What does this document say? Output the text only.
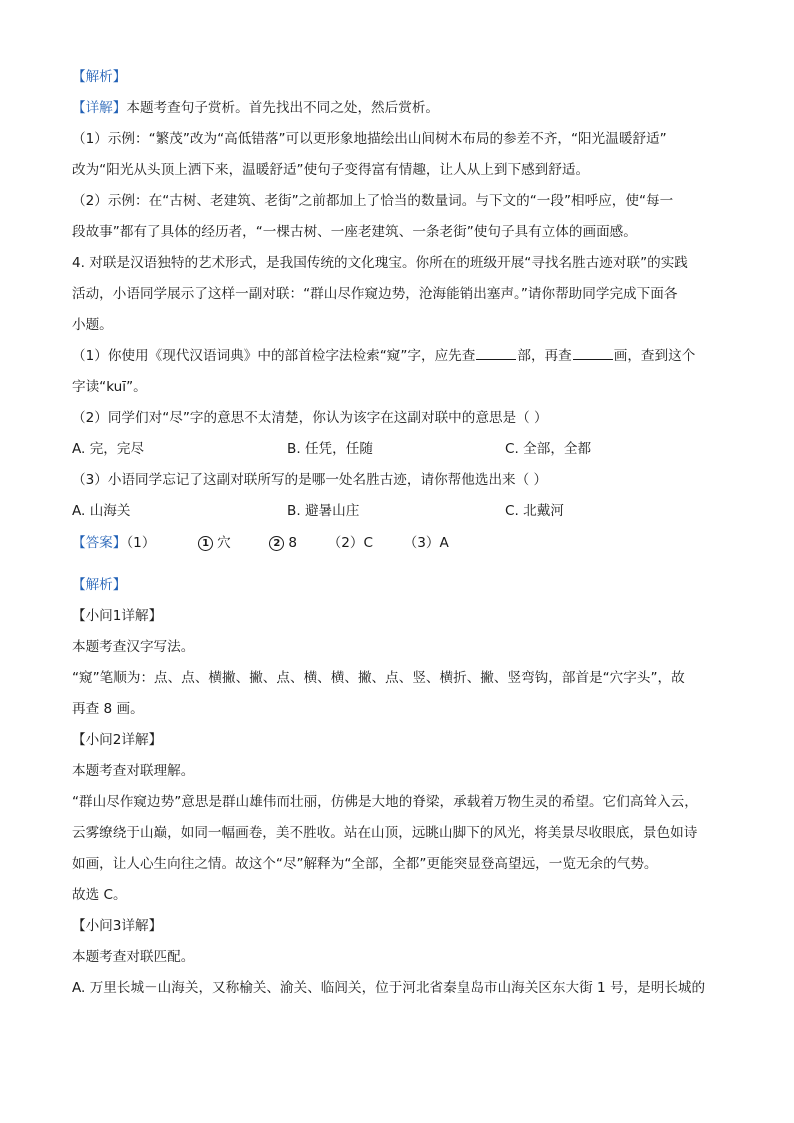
【解析】
【详解】本题考查句子赏析。首先找出不同之处，然后赏析。
（1）示例：“繁茂”改为“高低错落”可以更形象地描绘出山间树木布局的参差不齐，“阳光温暖舒适”
改为“阳光从头顶上洒下来，温暖舒适”使句子变得富有情趣，让人从上到下感到舒适。
（2）示例：在“古树、老建筑、老街”之前都加上了恰当的数量词。与下文的“一段”相呼应，使“每一
段故事”都有了具体的经历者，“一棵古树、一座老建筑、一条老街”使句子具有立体的画面感。
4. 对联是汉语独特的艺术形式，是我国传统的文化瑰宝。你所在的班级开展“寻找名胜古迹对联”的实践
活动，小语同学展示了这样一副对联：“群山尽作窥边势，沧海能销出塞声。”请你帮助同学完成下面各
小题。
（1）你使用《现代汉语词典》中的部首检字法检索“窥”字，应先查	部，再查	画，查到这个
字读“kuī”。
（2）同学们对“尽”字的意思不太清楚，你认为该字在这副对联中的意思是（ ）
A. 完，完尽	B. 任凭，任随	C. 全部，全都
（3）小语同学忘记了这副对联所写的是哪一处名胜古迹，请你帮他选出来（ ）
A. 山海关	B. 避暑山庄	C. 北戴河
【答案】（1）	1 穴	2 8 （2）C （3）A
【解析】
【小问1详解】
本题考查汉字写法。
“窥”笔顺为：点、点、横撇、撇、点、横、横、撇、点、竖、横折、撇、竖弯钩，部首是“穴字头”，故
再查 8 画。
【小问2详解】
本题考查对联理解。
“群山尽作窥边势”意思是群山雄伟而壮丽，仿佛是大地的脊梁，承载着万物生灵的希望。它们高耸入云，
云雾缭绕于山巅，如同一幅画卷，美不胜收。站在山顶，远眺山脚下的风光，将美景尽收眼底，景色如诗
如画，让人心生向往之情。故这个“尽”解释为“全部，全都”更能突显登高望远，一览无余的气势。
故选 C。
【小问3详解】
本题考查对联匹配。
A. 万里长城－山海关，又称榆关、渝关、临闾关，位于河北省秦皇岛市山海关区东大街 1 号，是明长城的
